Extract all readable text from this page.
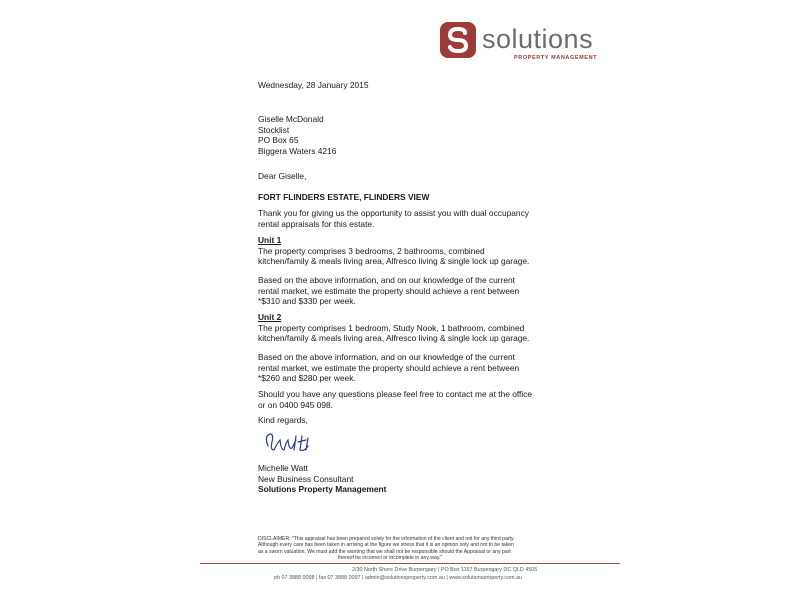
solutions
PROPERTY MANAGEMENT
Wednesday, 28 January 2015
Giselle McDonald
Stocklist
PO Box 65
Biggera Waters 4216
Dear Giselle,
FORT FLINDERS ESTATE, FLINDERS VIEW
Thank you for giving us the opportunity to assist you with dual occupancy
rental appraisals for this estate.
Unit 1
The property comprises 3 bedrooms, 2 bathrooms, combined
kitchen/family & meals living area, Alfresco living & single lock up garage.
Based on the above information, and on our knowledge of the current
rental market, we estimate the property should achieve a rent between
*$310 and $330 per week.
Unit 2
The property comprises 1 bedroom, Study Nook, 1 bathroom, combined
kitchen/family & meals living area, Alfresco living & single lock up garage.
Based on the above information, and on our knowledge of the current
rental market, we estimate the property should achieve a rent between
*$260 and $280 per week.
Should you have any questions please feel free to contact me at the office
or on 0400 945 098.
Kind regards,
Michelle Watt
New Business Consultant
Solutions Property Management
DISCLAIMER: "This appraisal has been prepared solely for the information of the client and not for any third party.
Although every care has been taken in arriving at the figure we stress that it is an opinion only and not to be taken
as a sworn valuation. We must add the warning that we shall not be responsible should the Appraisal or any part
thereof be incorrect or incomplete in any way."
2/30 North Shore Drive Burpengary | PO Box 1157 Burpengary DC QLD 4505
ph 07 3888 0098 | fax 07 3888 0097 | admin@solutionsproperty.com.au | www.solutionsproperty.com.au
